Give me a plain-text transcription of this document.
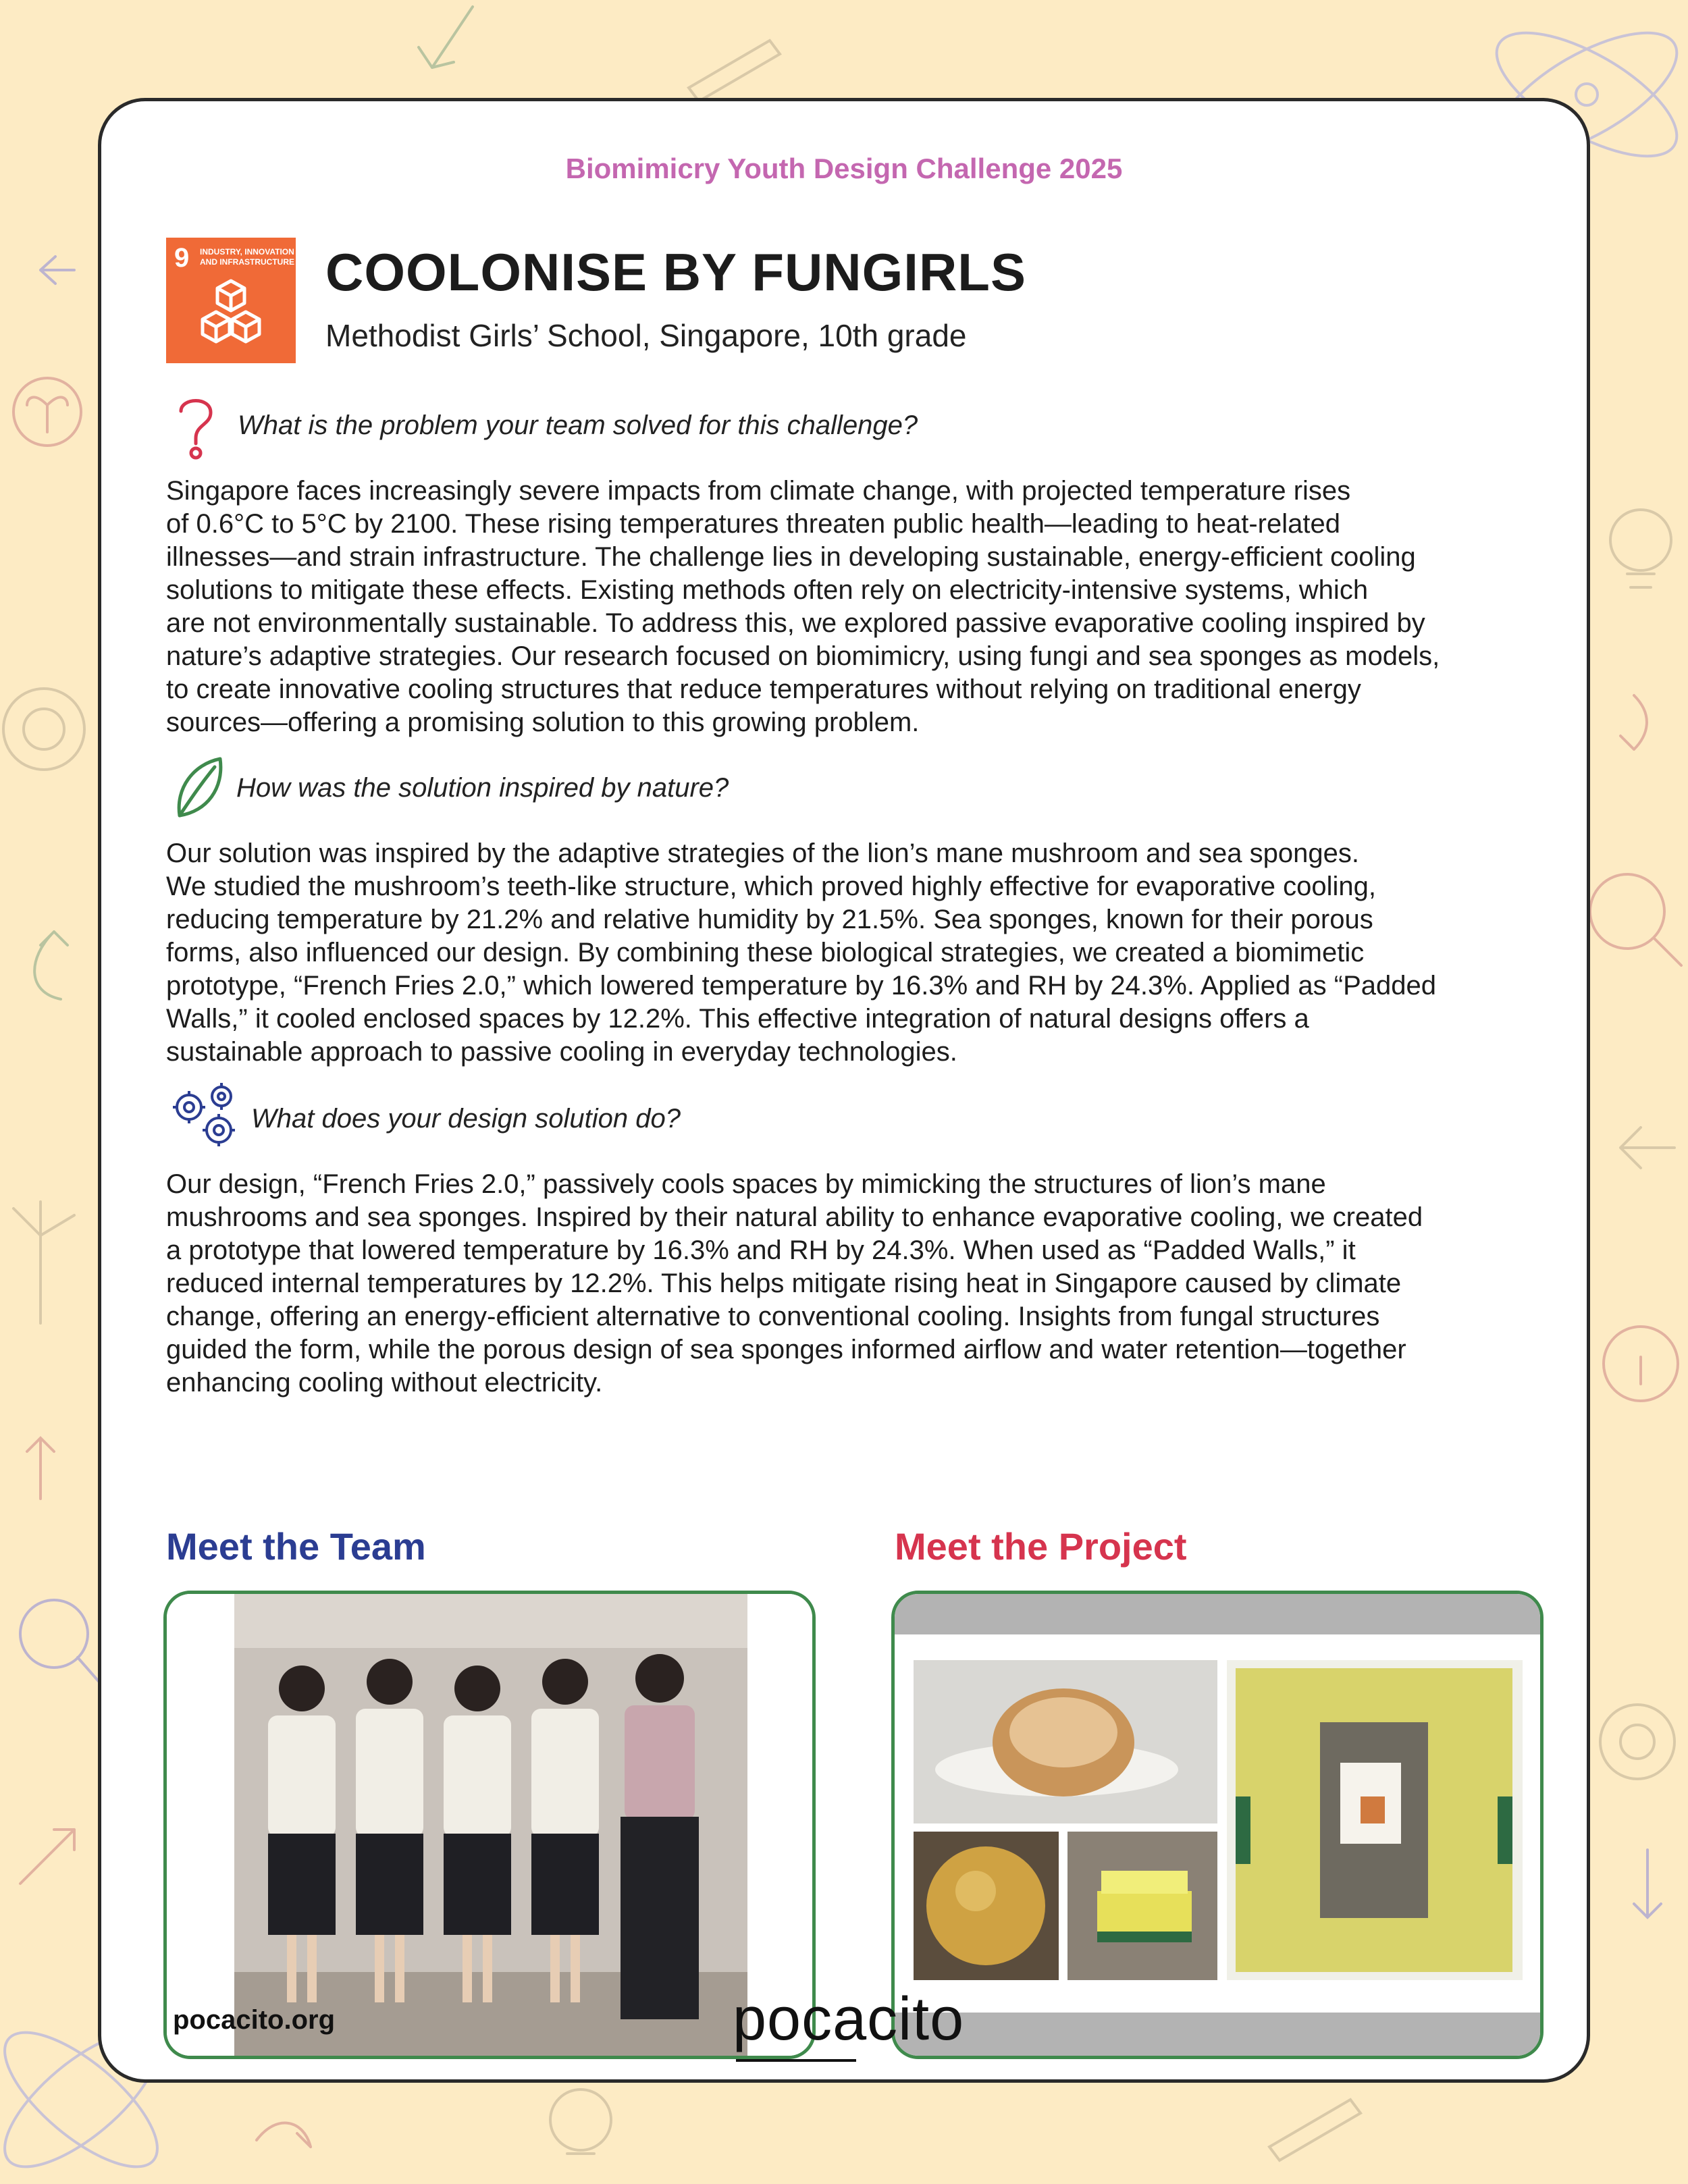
Biomimicry Youth Design Challenge 2025
9 INDUSTRY, INNOVATION AND INFRASTRUCTURE COOLONISE BY FUNGIRLS
Methodist Girls’ School, Singapore, 10th grade
What is the problem your team solved for this challenge?

Singapore faces increasingly severe impacts from climate change, with projected temperature rises
of 0.6°C to 5°C by 2100. These rising temperatures threaten public health—leading to heat-related
illnesses—and strain infrastructure. The challenge lies in developing sustainable, energy-efficient cooling
solutions to mitigate these effects. Existing methods often rely on electricity-intensive systems, which
are not environmentally sustainable. To address this, we explored passive evaporative cooling inspired by
nature’s adaptive strategies. Our research focused on biomimicry, using fungi and sea sponges as models,
to create innovative cooling structures that reduce temperatures without relying on traditional energy
sources—offering a promising solution to this growing problem.

How was the solution inspired by nature?

Our solution was inspired by the adaptive strategies of the lion’s mane mushroom and sea sponges.
We studied the mushroom’s teeth-like structure, which proved highly effective for evaporative cooling,
reducing temperature by 21.2% and relative humidity by 21.5%. Sea sponges, known for their porous
forms, also influenced our design. By combining these biological strategies, we created a biomimetic
prototype, “French Fries 2.0,” which lowered temperature by 16.3% and RH by 24.3%. Applied as “Padded
Walls,” it cooled enclosed spaces by 12.2%. This effective integration of natural designs offers a
sustainable approach to passive cooling in everyday technologies.

What does your design solution do?

Our design, “French Fries 2.0,” passively cools spaces by mimicking the structures of lion’s mane
mushrooms and sea sponges. Inspired by their natural ability to enhance evaporative cooling, we created
a prototype that lowered temperature by 16.3% and RH by 24.3%. When used as “Padded Walls,” it
reduced internal temperatures by 12.2%. This helps mitigate rising heat in Singapore caused by climate
change, offering an energy-efficient alternative to conventional cooling. Insights from fungal structures
guided the form, while the porous design of sea sponges informed airflow and water retention—together
enhancing cooling without electricity.

Meet the Team	Meet the Project
pocacito.org	pocacito
